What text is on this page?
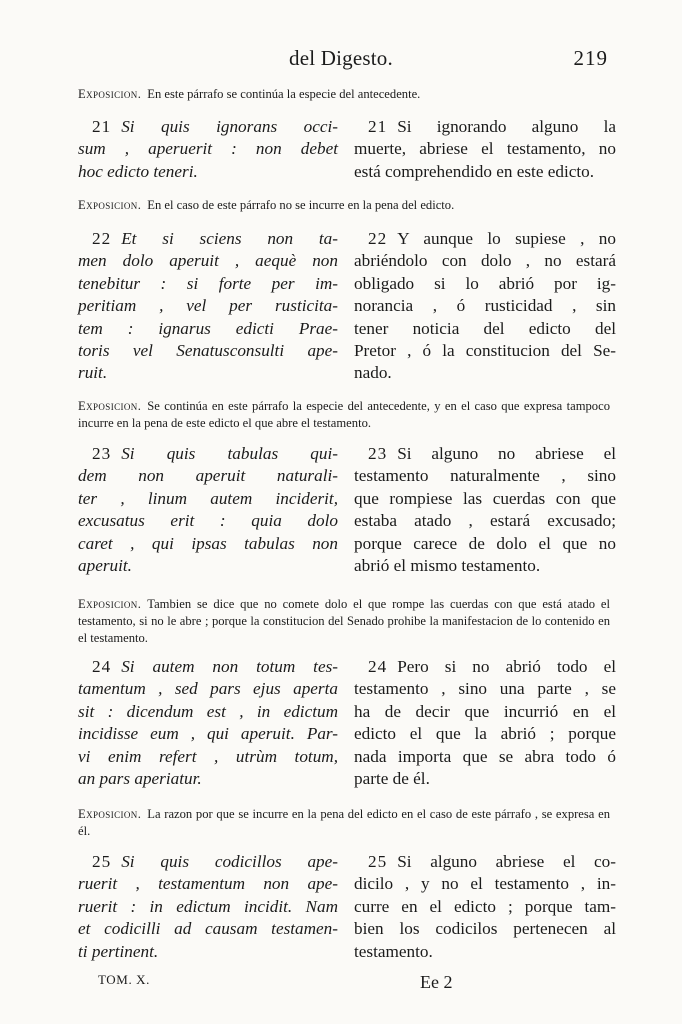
del Digesto.	219
Exposicion. En este párrafo se continúa la especie del antecedente.
21 Si quis ignorans occi-
sum , aperuerit : non debet
hoc edicto teneri.
21 Si ignorando alguno la
muerte, abriese el testamento, no
está comprehendido en este edicto.
Exposicion. En el caso de este párrafo no se incurre en la pena del edicto.
22 Et si sciens non ta-
men dolo aperuit , aequè non
tenebitur : si forte per im-
peritiam , vel per rusticita-
tem : ignarus edicti Prae-
toris vel Senatusconsulti ape-
ruit.
22 Y aunque lo supiese , no
abriéndolo con dolo , no estará
obligado si lo abrió por ig-
norancia , ó rusticidad , sin
tener noticia del edicto del
Pretor , ó la constitucion del Se-
nado.
Exposicion. Se continúa en este párrafo la especie del antecedente, y en el caso que expresa tampoco incurre en la pena de este edicto el que abre el testamento.
23 Si quis tabulas qui-
dem non aperuit naturali-
ter , linum autem inciderit,
excusatus erit : quia dolo
caret , qui ipsas tabulas non
aperuit.
23 Si alguno no abriese el
testamento naturalmente , sino
que rompiese las cuerdas con que
estaba atado , estará excusado;
porque carece de dolo el que no
abrió el mismo testamento.
Exposicion. Tambien se dice que no comete dolo el que rompe las cuerdas con que está atado el testamento, si no le abre ; porque la constitucion del Senado prohibe la manifestacion de lo contenido en el testamento.
24 Si autem non totum tes-
tamentum , sed pars ejus aperta
sit : dicendum est , in edictum
incidisse eum , qui aperuit. Par-
vi enim refert , utrùm totum,
an pars aperiatur.
24 Pero si no abrió todo el
testamento , sino una parte , se
ha de decir que incurrió en el
edicto el que la abrió ; porque
nada importa que se abra todo ó
parte de él.
Exposicion. La razon por que se incurre en la pena del edicto en el caso de este párrafo , se expresa en él.
25 Si quis codicillos ape-
ruerit , testamentum non ape-
ruerit : in edictum incidit. Nam
et codicilli ad causam testamen-
ti pertinent.
25 Si alguno abriese el co-
dicilo , y no el testamento , in-
curre en el edicto ; porque tam-
bien los codicilos pertenecen al
testamento.
TOM. X.	Ee 2
